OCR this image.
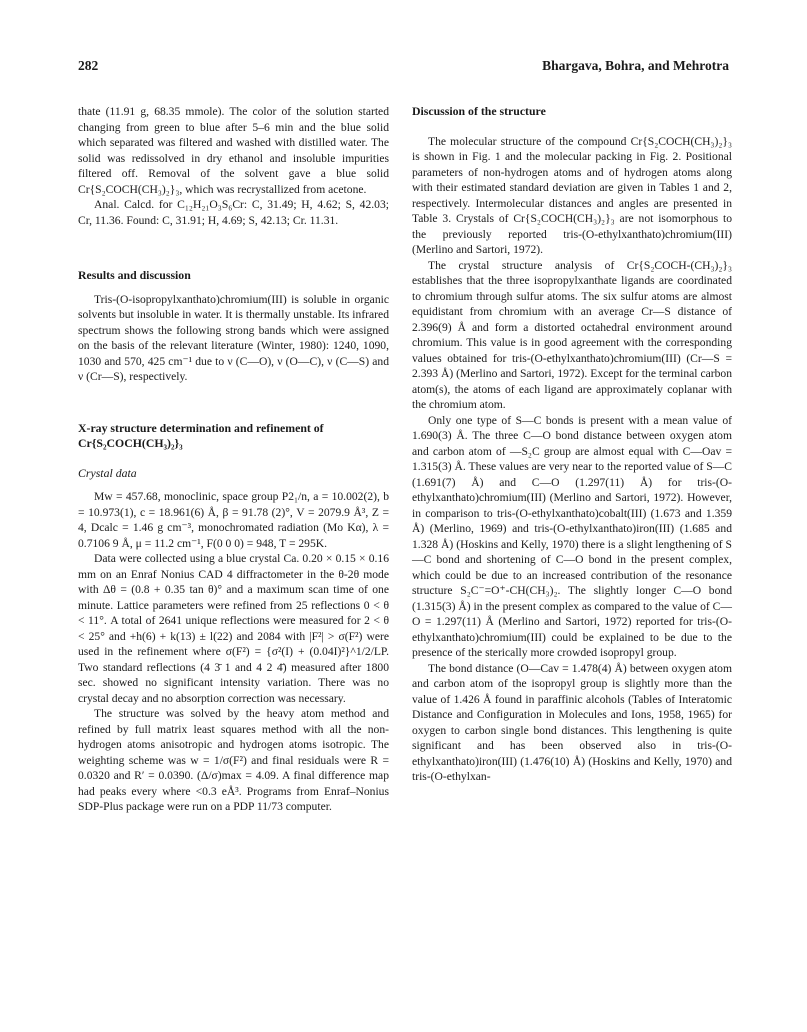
282	Bhargava, Bohra, and Mehrotra

thate (11.91 g, 68.35 mmole). The color of the solution started changing from green to blue after 5–6 min and the blue solid which separated was filtered and washed with distilled water. The solid was redissolved in dry ethanol and insoluble impurities filtered off. Removal of the solvent gave a blue solid Cr{S₂COCH(CH₃)₂}₃, which was recrystallized from acetone.

Anal. Calcd. for C₁₂H₂₁O₃S₆Cr: C, 31.49; H, 4.62; S, 42.03; Cr, 11.36. Found: C, 31.91; H, 4.69; S, 42.13; Cr. 11.31.

Results and discussion

Tris-(O-isopropylxanthato)chromium(III) is soluble in organic solvents but insoluble in water. It is thermally unstable. Its infrared spectrum shows the following strong bands which were assigned on the basis of the relevant literature (Winter, 1980): 1240, 1090, 1030 and 570, 425 cm⁻¹ due to ν (C—O), ν (O—C), ν (C—S) and ν (Cr—S), respectively.

X-ray structure determination and refinement of Cr{S₂COCH(CH₃)₂}₃
Crystal data

Mw = 457.68, monoclinic, space group P2₁/n, a = 10.002(2), b = 10.973(1), c = 18.961(6) Å, β = 91.78 (2)°, V = 2079.9 Å³, Z = 4, Dcalc = 1.46 g cm⁻³, monochromated radiation (Mo Kα), λ = 0.7106 9 Å, μ = 11.2 cm⁻¹, F(0 0 0) = 948, T = 295K.

Data were collected using a blue crystal Ca. 0.20 × 0.15 × 0.16 mm on an Enraf Nonius CAD 4 diffractometer in the θ-2θ mode with Δθ = (0.8 + 0.35 tan θ)° and a maximum scan time of one minute. Lattice parameters were refined from 25 reflections 0 < θ < 11°. A total of 2641 unique reflections were measured for 2 < θ < 25° and +h(6) + k(13) ± l(22) and 2084 with |F²| > σ(F²) were used in the refinement where σ(F²) = {σ²(I) + (0.04I)²}^1/2/LP. Two standard reflections (4 3̄ 1 and 4 2 4̄) measured after 1800 sec. showed no significant intensity variation. There was no crystal decay and no absorption correction was necessary.

The structure was solved by the heavy atom method and refined by full matrix least squares method with all the non-hydrogen atoms anisotropic and hydrogen atoms isotropic. The weighting scheme was w = 1/σ(F²) and final residuals were R = 0.0320 and R′ = 0.0390. (Δ/σ)max = 4.09. A final difference map had peaks every where <0.3 eÅ³. Programs from Enraf–Nonius SDP-Plus package were run on a PDP 11/73 computer.

Discussion of the structure

The molecular structure of the compound Cr{S₂COCH(CH₃)₂}₃ is shown in Fig. 1 and the molecular packing in Fig. 2. Positional parameters of non-hydrogen atoms and of hydrogen atoms along with their estimated standard deviation are given in Tables 1 and 2, respectively. Intermolecular distances and angles are presented in Table 3. Crystals of Cr{S₂COCH(CH₃)₂}₃ are not isomorphous to the previously reported tris-(O-ethylxanthato)chromium(III) (Merlino and Sartori, 1972).

The crystal structure analysis of Cr{S₂COCH-(CH₃)₂}₃ establishes that the three isopropylxanthate ligands are coordinated to chromium through sulfur atoms. The six sulfur atoms are almost equidistant from chromium with an average Cr—S distance of 2.396(9) Å and form a distorted octahedral environment around chromium. This value is in good agreement with the corresponding values obtained for tris-(O-ethylxanthato)chromium(III) (Cr—S = 2.393 Å) (Merlino and Sartori, 1972). Except for the terminal carbon atom(s), the atoms of each ligand are approximately coplanar with the chromium atom.

Only one type of S—C bonds is present with a mean value of 1.690(3) Å. The three C—O bond distance between oxygen atom and carbon atom of —S₂C group are almost equal with C—Oav = 1.315(3) Å. These values are very near to the reported value of S—C (1.691(7) Å) and C—O (1.297(11) Å) for tris-(O-ethylxanthato)chromium(III) (Merlino and Sartori, 1972). However, in comparison to tris-(O-ethylxanthato)cobalt(III) (1.673 and 1.359 Å) (Merlino, 1969) and tris-(O-ethylxanthato)iron(III) (1.685 and 1.328 Å) (Hoskins and Kelly, 1970) there is a slight lengthening of S—C bond and shortening of C—O bond in the present complex, which could be due to an increased contribution of the resonance structure S₂C⁻=O⁺-CH(CH₃)₂. The slightly longer C—O bond (1.315(3) Å) in the present complex as compared to the value of C—O = 1.297(11) Å (Merlino and Sartori, 1972) reported for tris-(O-ethylxanthato)chromium(III) could be explained to be due to the presence of the sterically more crowded isopropyl group.

The bond distance (O—Cav = 1.478(4) Å) between oxygen atom and carbon atom of the isopropyl group is slightly more than the value of 1.426 Å found in paraffinic alcohols (Tables of Interatomic Distance and Configuration in Molecules and Ions, 1958, 1965) for oxygen to carbon single bond distances. This lengthening is quite significant and has been observed also in tris-(O-ethylxanthato)iron(III) (1.476(10) Å) (Hoskins and Kelly, 1970) and tris-(O-ethylxan-
